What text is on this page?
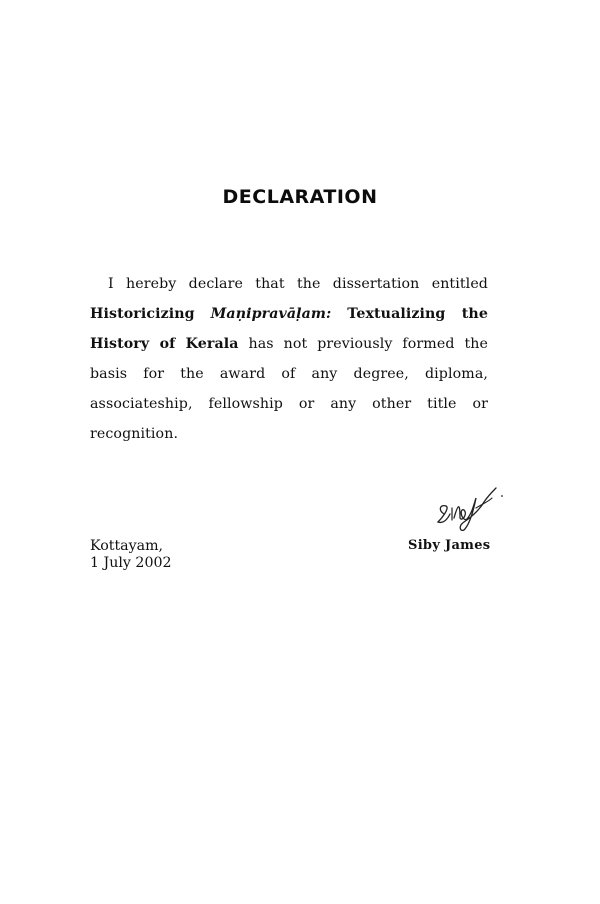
DECLARATION

I hereby declare that the dissertation entitled Historicizing Maṇipravāḷam: Textualizing the History of Kerala has not previously formed the basis for the award of any degree, diploma, associateship, fellowship or any other title or recognition.

Kottayam,
1 July 2002
Siby James
